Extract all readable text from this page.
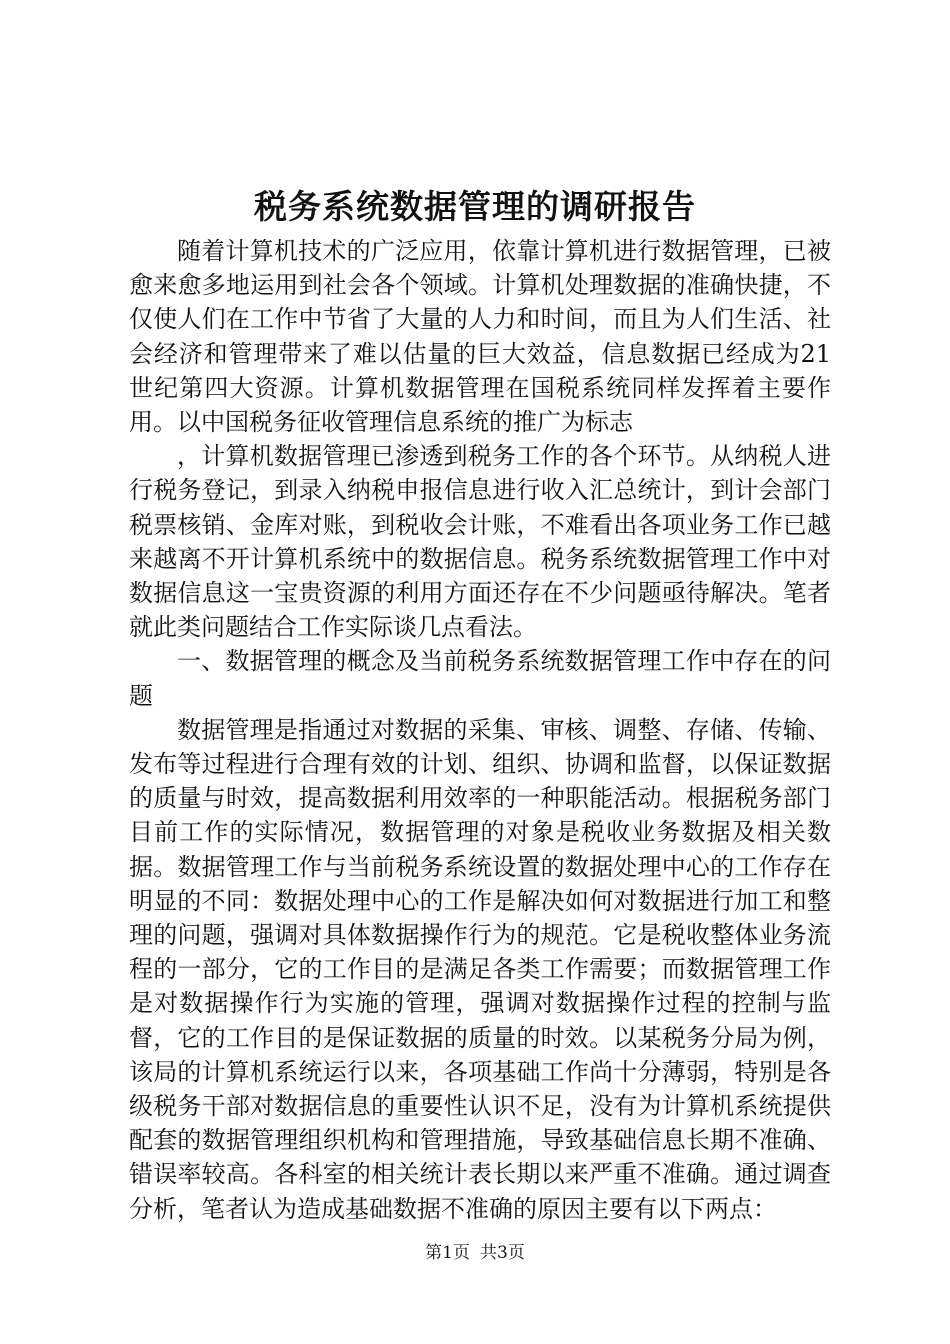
税务系统数据管理的调研报告

随着计算机技术的广泛应用，依靠计算机进行数据管理，已被愈来愈多地运用到社会各个领域。计算机处理数据的准确快捷，不仅使人们在工作中节省了大量的人力和时间，而且为人们生活、社会经济和管理带来了难以估量的巨大效益，信息数据已经成为21世纪第四大资源。计算机数据管理在国税系统同样发挥着主要作用。以中国税务征收管理信息系统的推广为标志

，计算机数据管理已渗透到税务工作的各个环节。从纳税人进行税务登记，到录入纳税申报信息进行收入汇总统计，到计会部门税票核销、金库对账，到税收会计账，不难看出各项业务工作已越来越离不开计算机系统中的数据信息。税务系统数据管理工作中对数据信息这一宝贵资源的利用方面还存在不少问题亟待解决。笔者就此类问题结合工作实际谈几点看法。

一、数据管理的概念及当前税务系统数据管理工作中存在的问题

数据管理是指通过对数据的采集、审核、调整、存储、传输、发布等过程进行合理有效的计划、组织、协调和监督，以保证数据的质量与时效，提高数据利用效率的一种职能活动。根据税务部门目前工作的实际情况，数据管理的对象是税收业务数据及相关数据。数据管理工作与当前税务系统设置的数据处理中心的工作存在明显的不同：数据处理中心的工作是解决如何对数据进行加工和整理的问题，强调对具体数据操作行为的规范。它是税收整体业务流程的一部分，它的工作目的是满足各类工作需要；而数据管理工作是对数据操作行为实施的管理，强调对数据操作过程的控制与监督，它的工作目的是保证数据的质量的时效。以某税务分局为例，该局的计算机系统运行以来，各项基础工作尚十分薄弱，特别是各级税务干部对数据信息的重要性认识不足，没有为计算机系统提供配套的数据管理组织机构和管理措施，导致基础信息长期不准确、错误率较高。各科室的相关统计表长期以来严重不准确。通过调查分析，笔者认为造成基础数据不准确的原因主要有以下两点：

第1页 共3页
